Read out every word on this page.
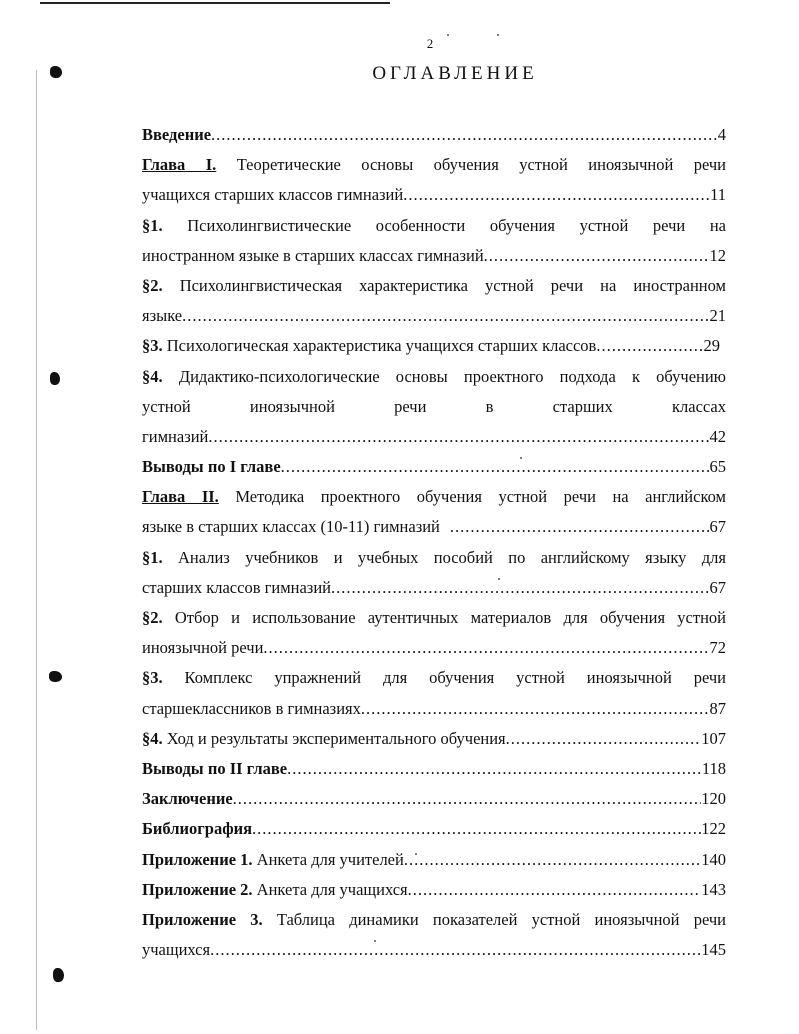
2
ОГЛАВЛЕНИЕ
Введение .....	4
Глава I. Теоретические основы обучения устной иноязычной речи
учащихся старших классов гимназий .....	11
§1. Психолингвистические особенности обучения устной речи на
иностранном языке в старших классах гимназий .....	12
§2. Психолингвистическая характеристика устной речи на иностранном
языке .....	21
§3. Психологическая характеристика учащихся старших классов .....	29
§4. Дидактико-психологические основы проектного подхода к обучению
устной	иноязычной	речи	в	старших	классах
гимназий .....	42
Выводы по I главе .....	65
Глава II. Методика проектного обучения устной речи на английском
языке в старших классах (10-11) гимназий .....	67
§1. Анализ учебников и учебных пособий по английскому языку для
старших классов гимназий .....	67
§2. Отбор и использование аутентичных материалов для обучения устной
иноязычной речи .....	72
§3. Комплекс упражнений для обучения устной иноязычной речи
старшеклассников в гимназиях .....	87
§4. Ход и результаты экспериментального обучения .....	107
Выводы по II главе .....	118
Заключение .....	120
Библиография .....	122
Приложение 1. Анкета для учителей .....	140
Приложение 2. Анкета для учащихся .....	143
Приложение 3. Таблица динамики показателей устной иноязычной речи
учащихся .....	145
